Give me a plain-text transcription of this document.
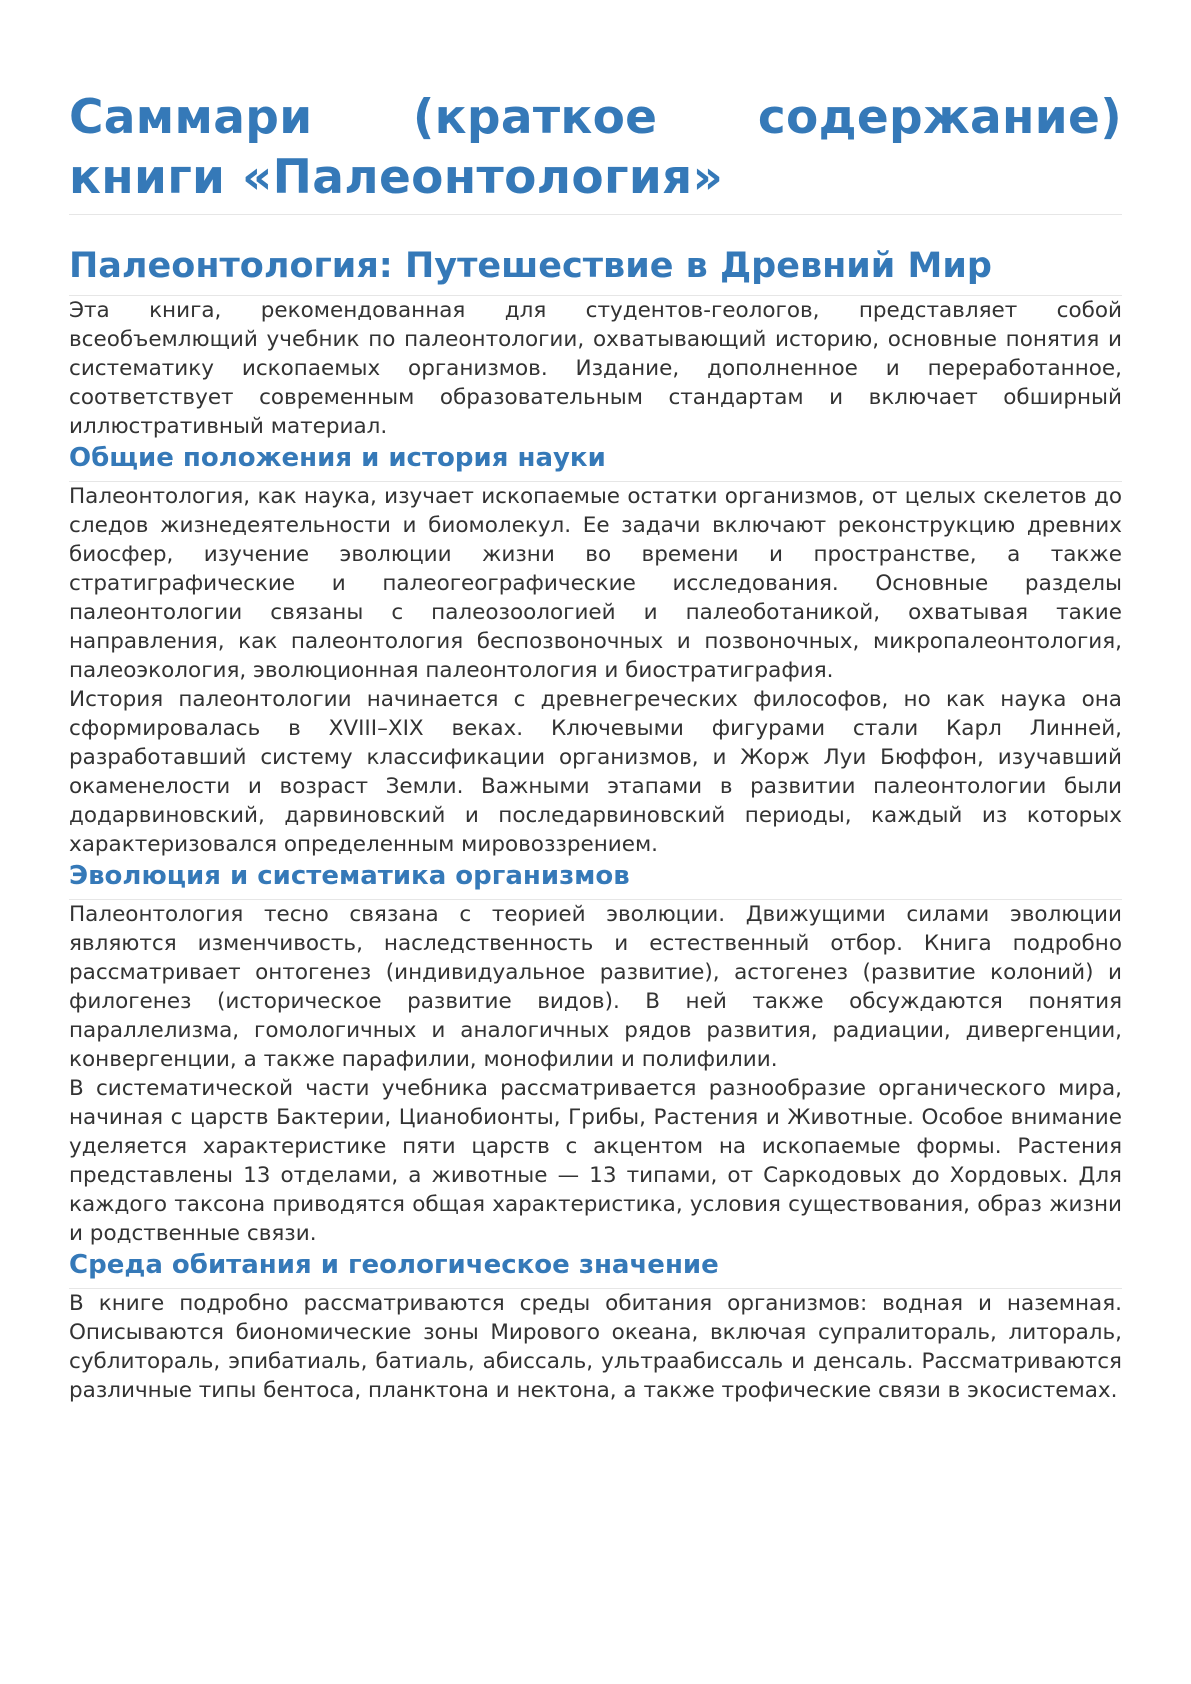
Саммари (краткое содержание) книги «Палеонтология»
Палеонтология: Путешествие в Древний Мир

Эта книга, рекомендованная для студентов-геологов, представляет собой всеобъемлющий учебник по палеонтологии, охватывающий историю, основные понятия и систематику ископаемых организмов. Издание, дополненное и переработанное, соответствует современным образовательным стандартам и включает обширный иллюстративный материал.

Общие положения и история науки

Палеонтология, как наука, изучает ископаемые остатки организмов, от целых скелетов до следов жизнедеятельности и биомолекул. Ее задачи включают реконструкцию древних биосфер, изучение эволюции жизни во времени и пространстве, а также стратиграфические и палеогеографические исследования. Основные разделы палеонтологии связаны с палеозоологией и палеоботаникой, охватывая такие направления, как палеонтология беспозвоночных и позвоночных, микропалеонтология, палеоэкология, эволюционная палеонтология и биостратиграфия.

История палеонтологии начинается с древнегреческих философов, но как наука она сформировалась в XVIII–XIX веках. Ключевыми фигурами стали Карл Линней, разработавший систему классификации организмов, и Жорж Луи Бюффон, изучавший окаменелости и возраст Земли. Важными этапами в развитии палеонтологии были додарвиновский, дарвиновский и последарвиновский периоды, каждый из которых характеризовался определенным мировоззрением.

Эволюция и систематика организмов

Палеонтология тесно связана с теорией эволюции. Движущими силами эволюции являются изменчивость, наследственность и естественный отбор. Книга подробно рассматривает онтогенез (индивидуальное развитие), астогенез (развитие колоний) и филогенез (историческое развитие видов). В ней также обсуждаются понятия параллелизма, гомологичных и аналогичных рядов развития, радиации, дивергенции, конвергенции, а также парафилии, монофилии и полифилии.

В систематической части учебника рассматривается разнообразие органического мира, начиная с царств Бактерии, Цианобионты, Грибы, Растения и Животные. Особое внимание уделяется характеристике пяти царств с акцентом на ископаемые формы. Растения представлены 13 отделами, а животные — 13 типами, от Саркодовых до Хордовых. Для каждого таксона приводятся общая характеристика, условия существования, образ жизни и родственные связи.

Среда обитания и геологическое значение

В книге подробно рассматриваются среды обитания организмов: водная и наземная. Описываются биономические зоны Мирового океана, включая супралитораль, литораль, сублитораль, эпибатиаль, батиаль, абиссаль, ультраабиссаль и денсаль. Рассматриваются различные типы бентоса, планктона и нектона, а также трофические связи в экосистемах.
